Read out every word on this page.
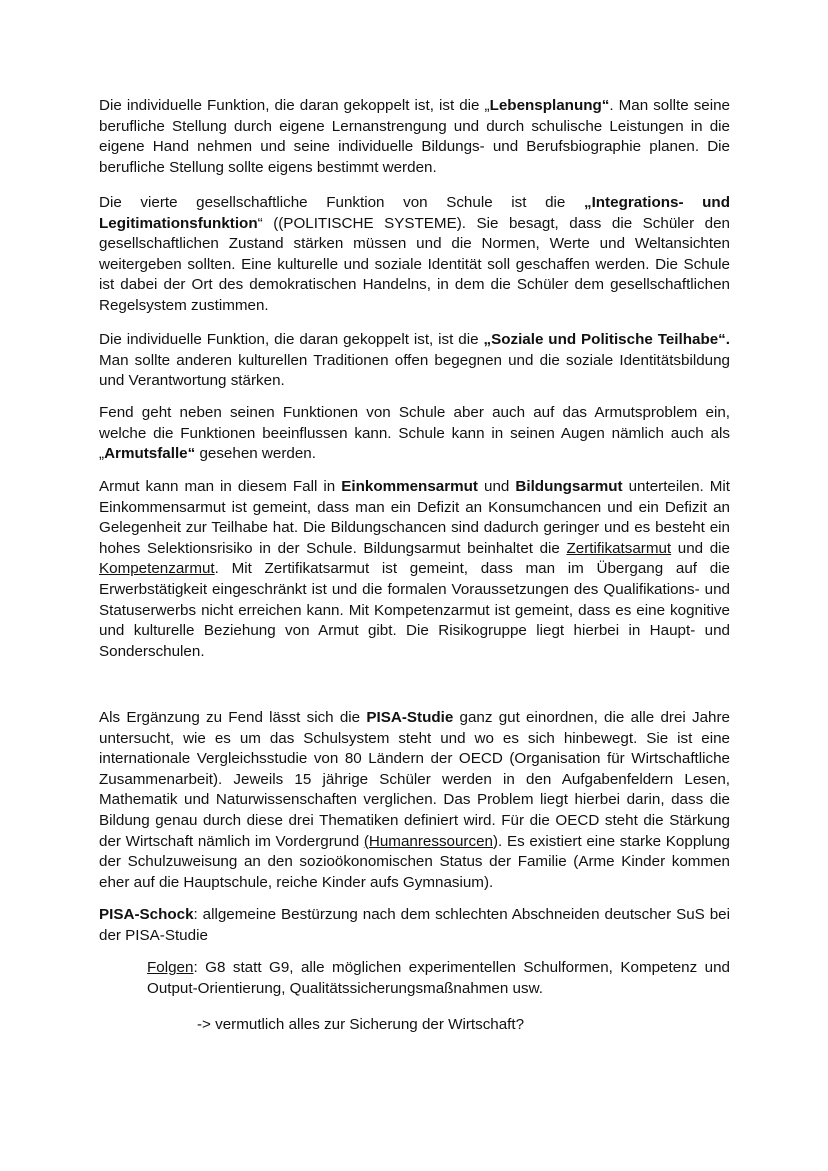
Die individuelle Funktion, die daran gekoppelt ist, ist die „Lebensplanung“. Man sollte seine berufliche Stellung durch eigene Lernanstrengung und durch schulische Leistungen in die eigene Hand nehmen und seine individuelle Bildungs- und Berufsbiographie planen. Die berufliche Stellung sollte eigens bestimmt werden.

Die vierte gesellschaftliche Funktion von Schule ist die „Integrations- und Legitimationsfunktion“ ((POLITISCHE SYSTEME). Sie besagt, dass die Schüler den gesellschaftlichen Zustand stärken müssen und die Normen, Werte und Weltansichten weitergeben sollten. Eine kulturelle und soziale Identität soll geschaffen werden. Die Schule ist dabei der Ort des demokratischen Handelns, in dem die Schüler dem gesellschaftlichen Regelsystem zustimmen.

Die individuelle Funktion, die daran gekoppelt ist, ist die „Soziale und Politische Teilhabe“. Man sollte anderen kulturellen Traditionen offen begegnen und die soziale Identitätsbildung und Verantwortung stärken.

Fend geht neben seinen Funktionen von Schule aber auch auf das Armutsproblem ein, welche die Funktionen beeinflussen kann. Schule kann in seinen Augen nämlich auch als „Armutsfalle“ gesehen werden.

Armut kann man in diesem Fall in Einkommensarmut und Bildungsarmut unterteilen. Mit Einkommensarmut ist gemeint, dass man ein Defizit an Konsumchancen und ein Defizit an Gelegenheit zur Teilhabe hat. Die Bildungschancen sind dadurch geringer und es besteht ein hohes Selektionsrisiko in der Schule. Bildungsarmut beinhaltet die Zertifikatsarmut und die Kompetenzarmut. Mit Zertifikatsarmut ist gemeint, dass man im Übergang auf die Erwerbstätigkeit eingeschränkt ist und die formalen Voraussetzungen des Qualifikations- und Statuserwerbs nicht erreichen kann. Mit Kompetenzarmut ist gemeint, dass es eine kognitive und kulturelle Beziehung von Armut gibt. Die Risikogruppe liegt hierbei in Haupt- und Sonderschulen.

Als Ergänzung zu Fend lässt sich die PISA-Studie ganz gut einordnen, die alle drei Jahre untersucht, wie es um das Schulsystem steht und wo es sich hinbewegt. Sie ist eine internationale Vergleichsstudie von 80 Ländern der OECD (Organisation für Wirtschaftliche Zusammenarbeit). Jeweils 15 jährige Schüler werden in den Aufgabenfeldern Lesen, Mathematik und Naturwissenschaften verglichen. Das Problem liegt hierbei darin, dass die Bildung genau durch diese drei Thematiken definiert wird. Für die OECD steht die Stärkung der Wirtschaft nämlich im Vordergrund (Humanressourcen). Es existiert eine starke Kopplung der Schulzuweisung an den sozioökonomischen Status der Familie (Arme Kinder kommen eher auf die Hauptschule, reiche Kinder aufs Gymnasium).

PISA-Schock: allgemeine Bestürzung nach dem schlechten Abschneiden deutscher SuS bei der PISA-Studie

Folgen: G8 statt G9, alle möglichen experimentellen Schulformen, Kompetenz und Output-Orientierung, Qualitätssicherungsmaßnahmen usw.

-> vermutlich alles zur Sicherung der Wirtschaft?
